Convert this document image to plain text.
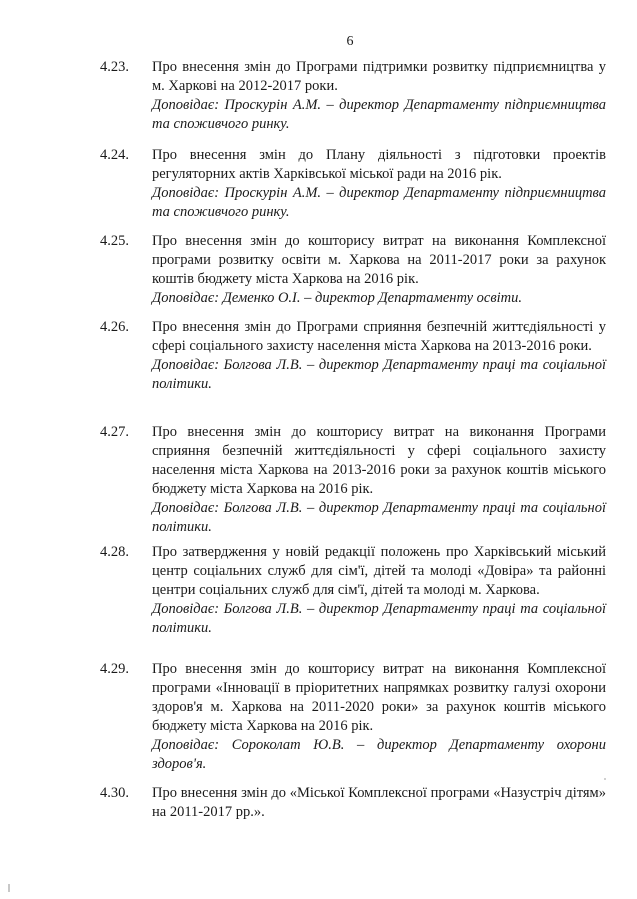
6
4.23. Про внесення змін до Програми підтримки розвитку підприємництва у м. Харкові на 2012-2017 роки.

Доповідає: Проскурін А.М. – директор Департаменту підприємництва та споживчого ринку.

4.24. Про внесення змін до Плану діяльності з підготовки проектів регуляторних актів Харківської міської ради на 2016 рік.

Доповідає: Проскурін А.М. – директор Департаменту підприємництва та споживчого ринку.

4.25. Про внесення змін до кошторису витрат на виконання Комплексної програми розвитку освіти м. Харкова на 2011-2017 роки за рахунок коштів бюджету міста Харкова на 2016 рік.

Доповідає: Деменко О.І. – директор Департаменту освіти.

4.26. Про внесення змін до Програми сприяння безпечній життєдіяльності у сфері соціального захисту населення міста Харкова на 2013-2016 роки.

Доповідає: Болгова Л.В. – директор Департаменту праці та соціальної політики.

4.27. Про внесення змін до кошторису витрат на виконання Програми сприяння безпечній життєдіяльності у сфері соціального захисту населення міста Харкова на 2013-2016 роки за рахунок коштів міського бюджету міста Харкова на 2016 рік.

Доповідає: Болгова Л.В. – директор Департаменту праці та соціальної політики.

4.28. Про затвердження у новій редакції положень про Харківський міський центр соціальних служб для сім'ї, дітей та молоді «Довіра» та районні центри соціальних служб для сім'ї, дітей та молоді м. Харкова.

Доповідає: Болгова Л.В. – директор Департаменту праці та соціальної політики.

4.29. Про внесення змін до кошторису витрат на виконання Комплексної програми «Інновації в пріоритетних напрямках розвитку галузі охорони здоров'я м. Харкова на 2011-2020 роки» за рахунок коштів міського бюджету міста Харкова на 2016 рік.

Доповідає: Сороколат Ю.В. – директор Департаменту охорони здоров'я.

4.30. Про внесення змін до «Міської Комплексної програми «Назустріч дітям» на 2011-2017 рр.».
